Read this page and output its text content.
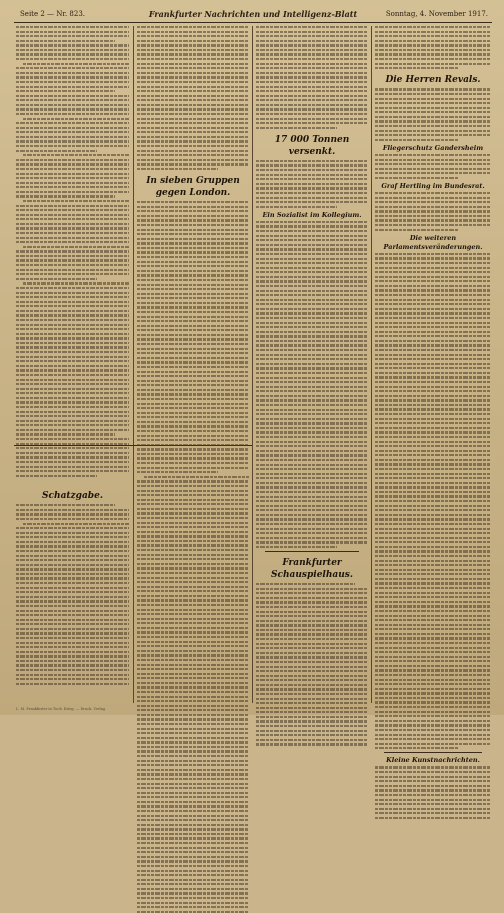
Seite 2 — Nr. 823.	Frankfurter Nachrichten und Intelligenz-Blatt	Sonntag, 4. November 1917.
Schatzgabe.
In sieben Gruppen gegen London.
17 000 Tonnen versenkt.
Ein Sozialist im Kollegium.
Frankfurter Schauspielhaus.
Die Herren Revals.
Fliegerschutz Gandersheim
Graf Hertling im Bundesrat.
Die weiteren Parlamentsveränderungen.
Kleine Kunstnachrichten.
L. M. Frankfurter in Tuch. Krieg. — Druck. Verlag.
